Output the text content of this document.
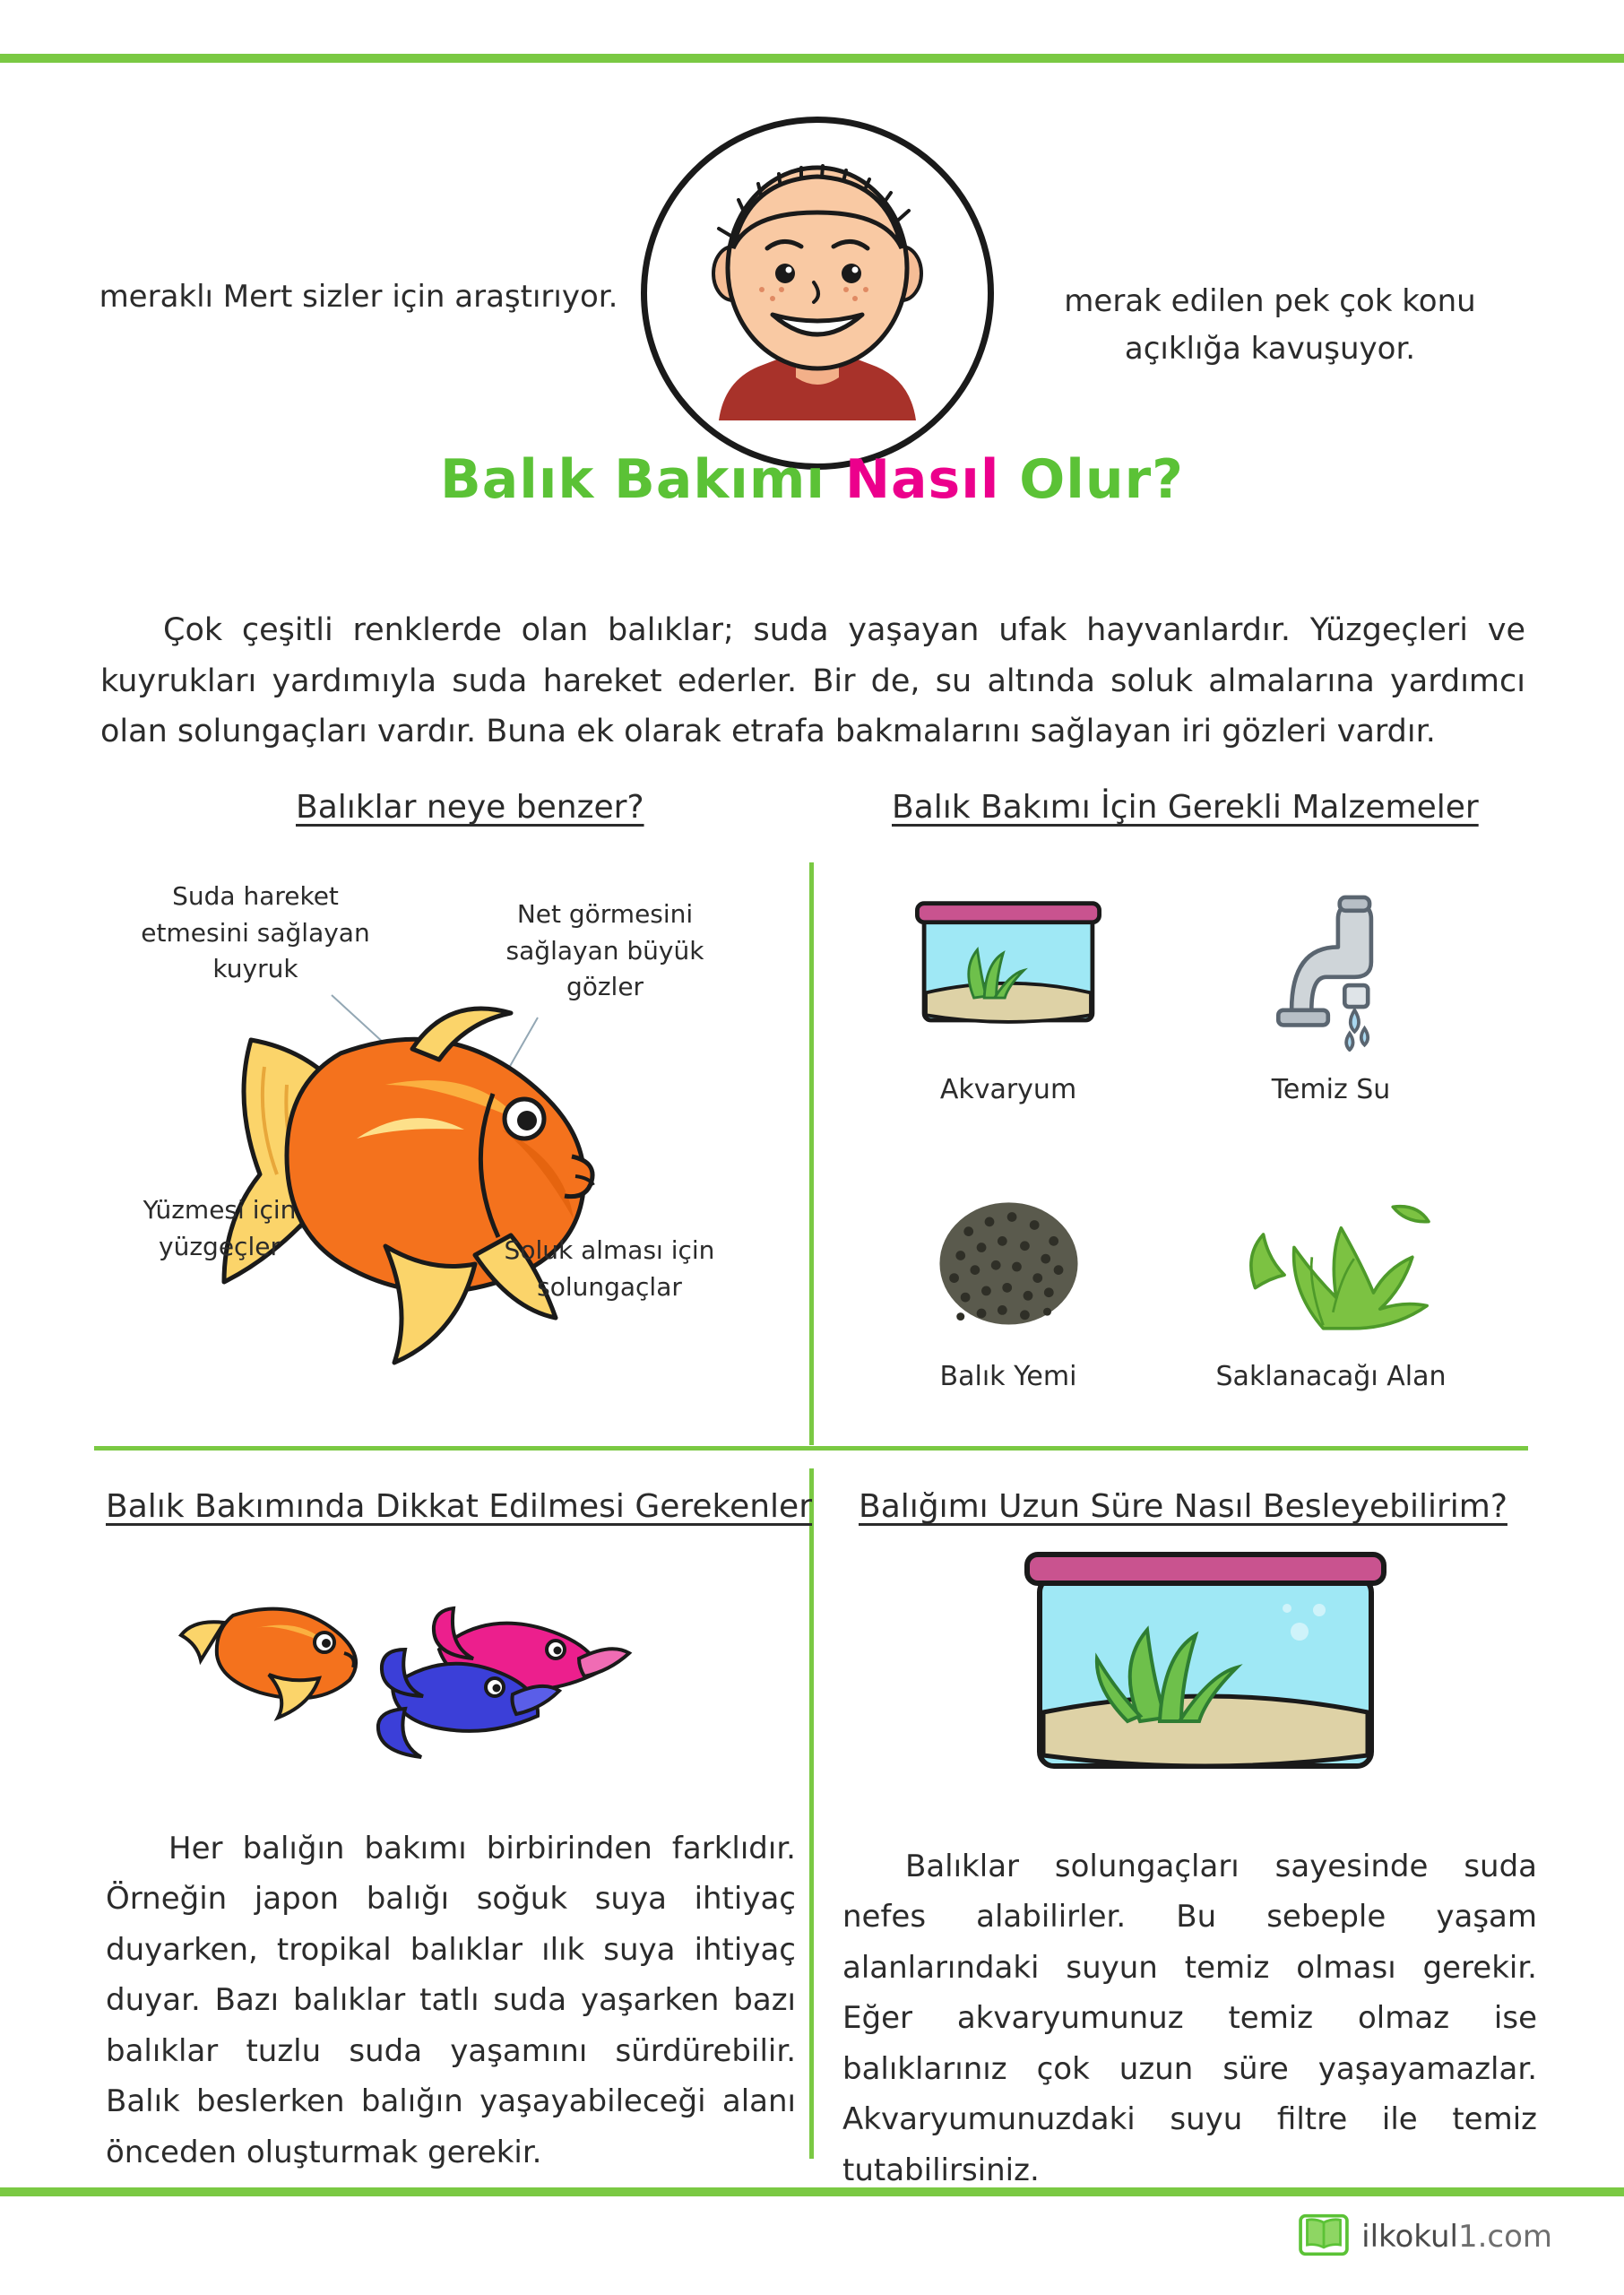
meraklı Mert sizler için araştırıyor.	merak edilen pek çok konu açıklığa kavuşuyor.
Balık Bakımı Nasıl Olur?

Çok çeşitli renklerde olan balıklar; suda yaşayan ufak hayvanlardır. Yüzgeçleri ve kuyrukları yardımıyla suda hareket ederler. Bir de, su altında soluk almalarına yardımcı olan solungaçları vardır. Buna ek olarak etrafa bakmalarını sağlayan iri gözleri vardır.

Balıklar neye benzer?	Balık Bakımı İçin Gerekli Malzemeler
Balık Bakımında Dikkat Edilmesi Gerekenler Balığımı Uzun Süre Nasıl Besleyebilirim?
Suda hareket etmesini sağlayan kuyruk
Net görmesini sağlayan büyük gözler
Yüzmesi için yüzgeçler	Soluk alması için solungaçlar
Akvaryum	Temiz Su
Balık Yemi	Saklanacağı Alan

Her balığın bakımı birbirinden farklıdır. Örneğin japon balığı soğuk suya ihtiyaç duyarken, tropikal balıklar ılık suya ihtiyaç duyar. Bazı balıklar tatlı suda yaşarken bazı balıklar tuzlu suda yaşamını sürdürebilir. Balık beslerken balığın yaşayabileceği alanı önceden oluşturmak gerekir.

Balıklar solungaçları sayesinde suda nefes alabilirler. Bu sebeple yaşam alanlarındaki suyun temiz olması gerekir. Eğer akvaryumunuz temiz olmaz ise balıklarınız çok uzun süre yaşayamazlar. Akvaryumunuzdaki suyu filtre ile temiz tutabilirsiniz.

ilkokul1.com
